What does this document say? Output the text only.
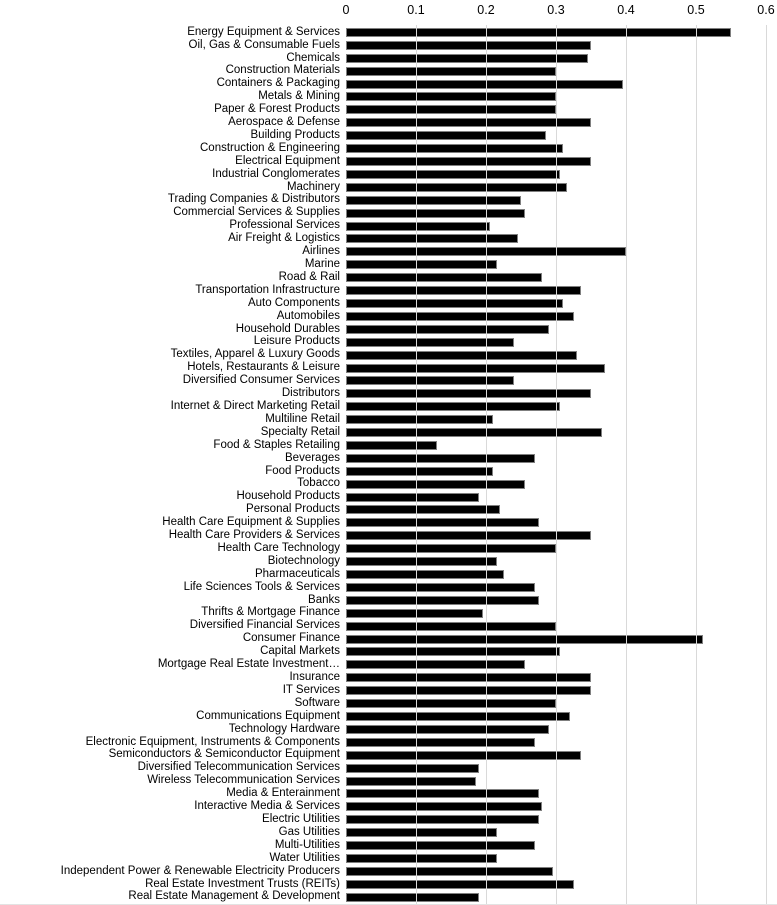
0	0.1	0.2	0.3	0.4	0.5	0.6
Energy Equipment & Services
Oil, Gas & Consumable Fuels
Chemicals
Construction Materials
Containers & Packaging
Metals & Mining
Paper & Forest Products
Aerospace & Defense
Building Products
Construction & Engineering
Electrical Equipment
Industrial Conglomerates
Machinery
Trading Companies & Distributors
Commercial Services & Supplies
Professional Services
Air Freight & Logistics
Airlines
Marine
Road & Rail
Transportation Infrastructure
Auto Components
Automobiles
Household Durables
Leisure Products
Textiles, Apparel & Luxury Goods
Hotels, Restaurants & Leisure
Diversified Consumer Services
Distributors
Internet & Direct Marketing Retail
Multiline Retail
Specialty Retail
Food & Staples Retailing
Beverages
Food Products
Tobacco
Household Products
Personal Products
Health Care Equipment & Supplies
Health Care Providers & Services
Health Care Technology
Biotechnology
Pharmaceuticals
Life Sciences Tools & Services
Banks
Thrifts & Mortgage Finance
Diversified Financial Services
Consumer Finance
Capital Markets
Mortgage Real Estate Investment…
Insurance
IT Services
Software
Communications Equipment
Technology Hardware
Electronic Equipment, Instruments & Components
Semiconductors & Semiconductor Equipment
Diversified Telecommunication Services
Wireless Telecommunication Services
Media & Enterainment
Interactive Media & Services
Electric Utilities
Gas Utilities
Multi-Utilities
Water Utilities
Independent Power & Renewable Electricity Producers
Real Estate Investment Trusts (REITs)
Real Estate Management & Development
